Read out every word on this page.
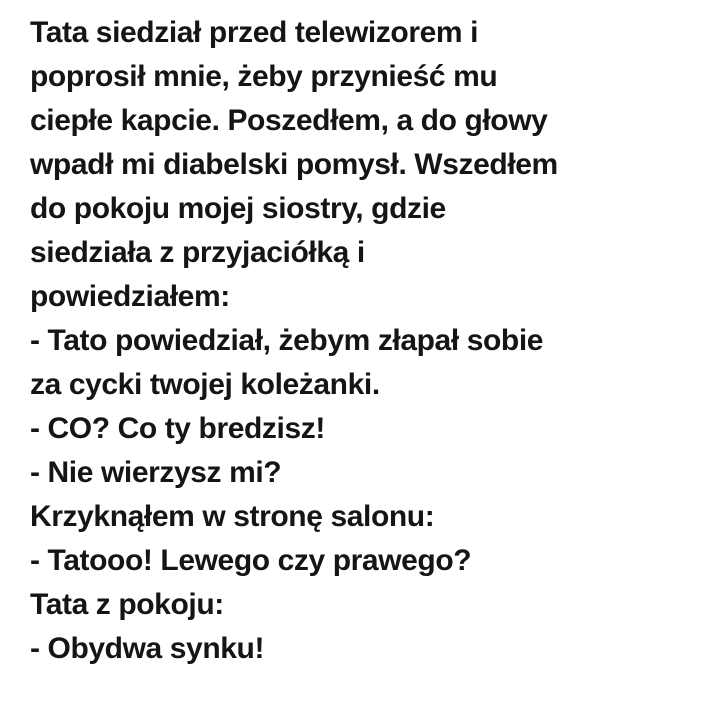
Tata siedział przed telewizorem i
poprosił mnie, żeby przynieść mu
ciepłe kapcie. Poszedłem, a do głowy
wpadł mi diabelski pomysł. Wszedłem
do pokoju mojej siostry, gdzie
siedziała z przyjaciółką i
powiedziałem:
- Tato powiedział, żebym złapał sobie
za cycki twojej koleżanki.
- CO? Co ty bredzisz!
- Nie wierzysz mi?
Krzyknąłem w stronę salonu:
- Tatooo! Lewego czy prawego?
Tata z pokoju:
- Obydwa synku!
